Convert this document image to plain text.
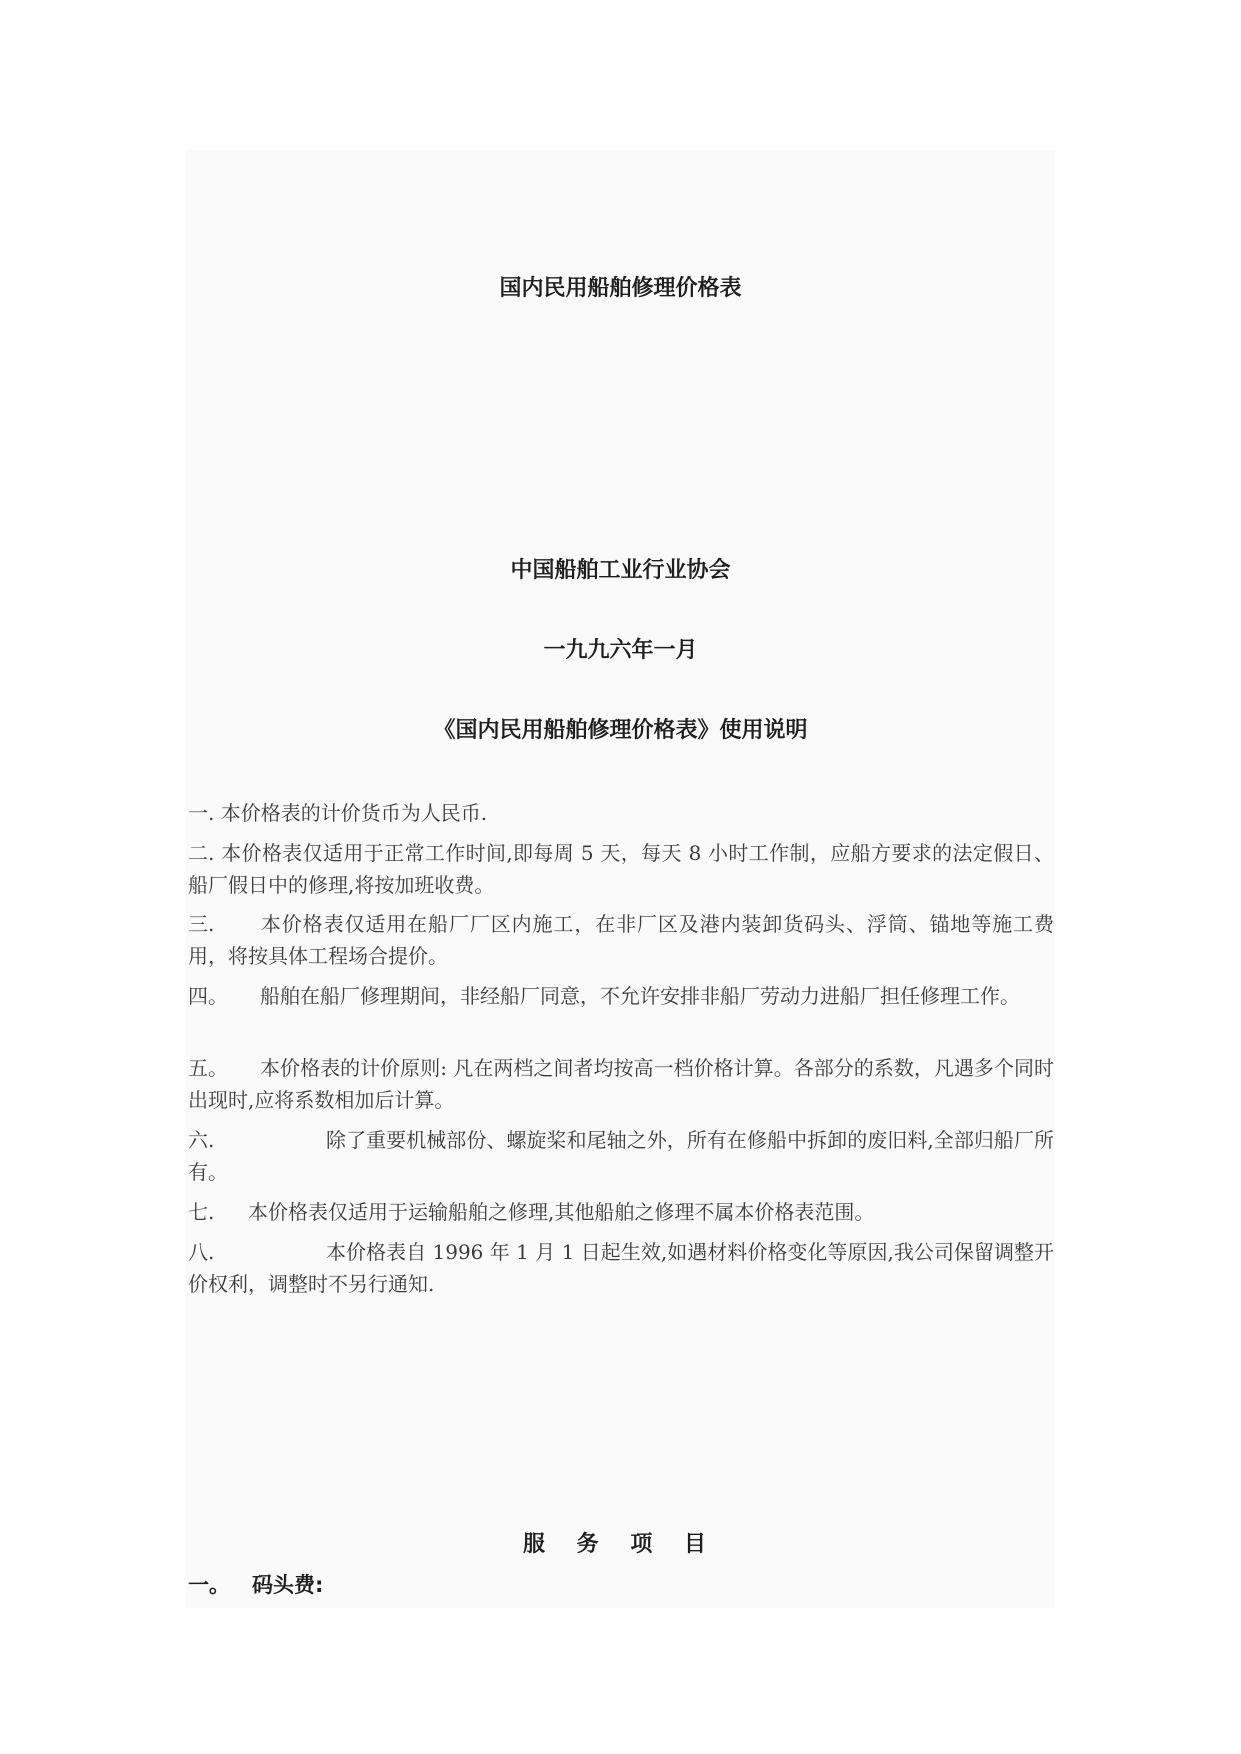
国内民用船舶修理价格表
中国船舶工业行业协会
一九九六年一月
《国内民用船舶修理价格表》使用说明

一. 本价格表的计价货币为人民币.

二. 本价格表仅适用于正常工作时间,即每周 5 天，每天 8 小时工作制，应船方要求的法定假日、船厂假日中的修理,将按加班收费。

三. 本价格表仅适用在船厂厂区内施工，在非厂区及港内装卸货码头、浮筒、锚地等施工费用，将按具体工程场合提价。

四。 船舶在船厂修理期间，非经船厂同意，不允许安排非船厂劳动力进船厂担任修理工作。

五。 本价格表的计价原则: 凡在两档之间者均按高一档价格计算。各部分的系数，凡遇多个同时出现时,应将系数相加后计算。

六.	除了重要机械部份、螺旋桨和尾轴之外，所有在修船中拆卸的废旧料,全部归船厂所有。

七. 本价格表仅适用于运输船舶之修理,其他船舶之修理不属本价格表范围。

八.	本价格表自 1996 年 1 月 1 日起生效,如遇材料价格变化等原因,我公司保留调整开价权利，调整时不另行通知.

服 务 项 目
一。 码头费:
